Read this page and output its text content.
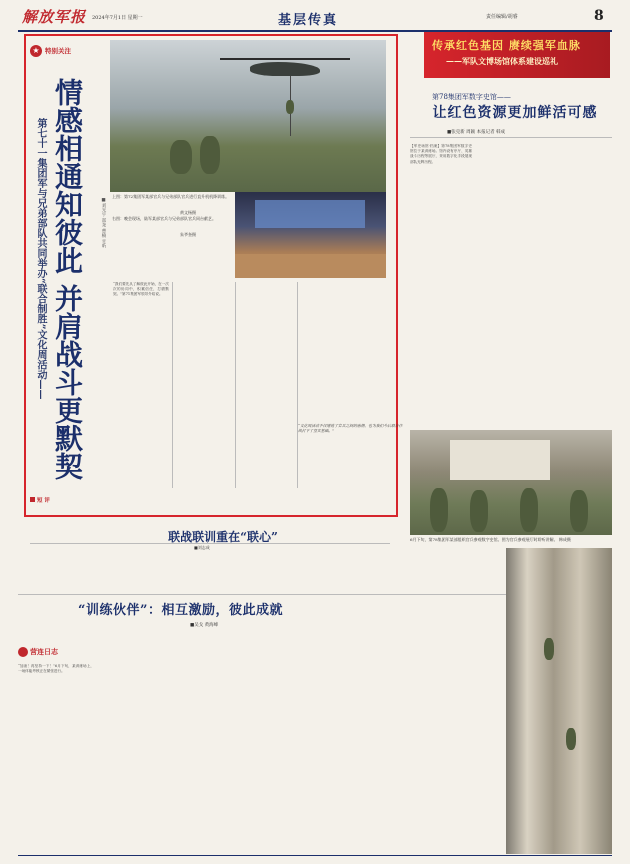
解放军报 2024年7月1日 星期一	基层传真	责任编辑/胡睿	8
★ 特别关注
情感相通知彼此 并肩战斗更默契
第七十一集团军与兄弟部队共同举办“联合制胜”文化周活动——	上图：第72集团军某部官兵与兄弟部队官兵进行直升机机降训练。
黄文杨摄
右图：晚会现场，陆军某部官兵与兄弟部队官兵同台献艺。
朱爷奎摄
■刘光宇 郑尧 曹楠 甘昕
“我们要先从了解彼此开始，在一次次的协同中，积累信任，打磨默契。”第71集团军领导介绍说。
“文化周活动不仅增进了官兵之间的感情，也为我们今后联合作战打下了坚实基础。”
短 评
联战联训重在“联心”
■刘志成
传承红色基因 赓续强军血脉
——军队文博场馆体系建设巡礼
第78集团军数字史馆——
让红色资源更加鲜活可感
■张克新 周颖 本报记者 韩成
【军史场馆·档案】第78集团军数字史馆位于某训练场。馆内设有序厅、英雄战斗历程等展厅，采用数字化手段展现部队光辉历程。
6月下旬，第78集团军某部组织官兵参观数字史馆。图为官兵参观展厅时聆听讲解。 韩成摄
“训练伙伴”：相互激励，彼此成就
■吴戈 黄海峰
营连日志
“加油！再坚持一下！”6月下旬，某训练场上，一场体能考核正在紧张进行。
